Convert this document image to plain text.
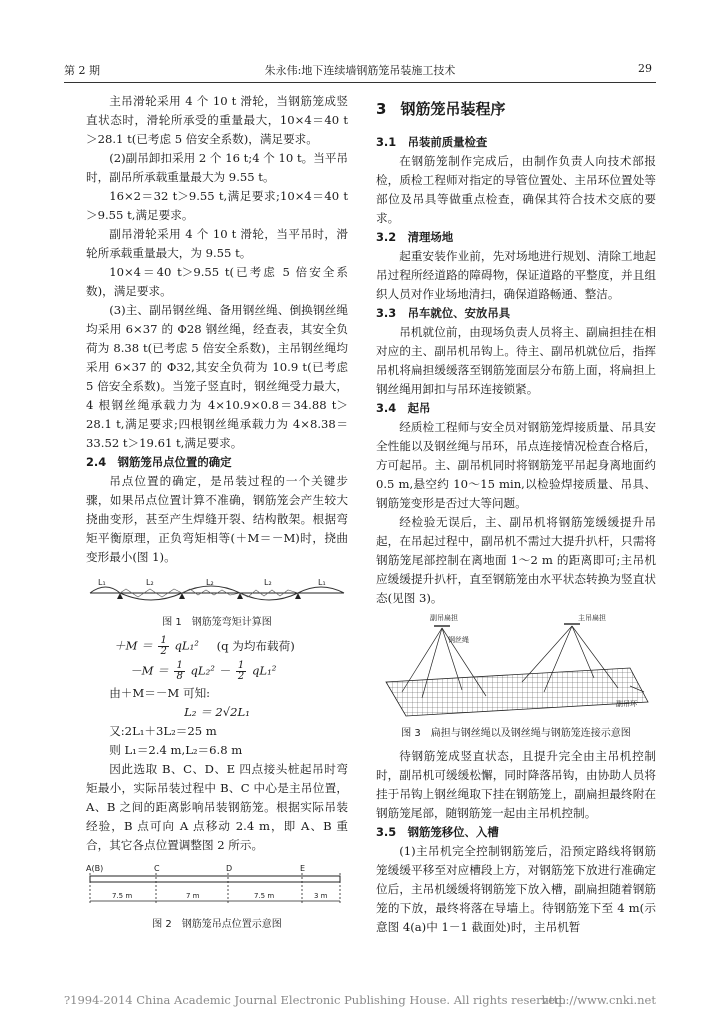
第 2 期	朱永伟:地下连续墙钢筋笼吊装施工技术	29

主吊滑轮采用 4 个 10 t 滑轮，当钢筋笼成竖直状态时，滑轮所承受的重量最大，10×4＝40 t＞28.1 t(已考虑 5 倍安全系数)，满足要求。

(2)副吊卸扣采用 2 个 16 t;4 个 10 t。当平吊时，副吊所承载重量最大为 9.55 t。

16×2＝32 t＞9.55 t,满足要求;10×4＝40 t＞9.55 t,满足要求。

副吊滑轮采用 4 个 10 t 滑轮，当平吊时，滑轮所承载重量最大，为 9.55 t。

10×4＝40 t＞9.55 t(已考虑 5 倍安全系数)，满足要求。

(3)主、副吊钢丝绳、备用钢丝绳、倒换钢丝绳均采用 6×37 的 Φ28 钢丝绳，经查表，其安全负荷为 8.38 t(已考虑 5 倍安全系数)，主吊钢丝绳均采用 6×37 的 Φ32,其安全负荷为 10.9 t(已考虑 5 倍安全系数)。当笼子竖直时，钢丝绳受力最大，4 根钢丝绳承载力为 4×10.9×0.8＝34.88 t＞28.1 t,满足要求;四根钢丝绳承载力为 4×8.38＝33.52 t＞19.61 t,满足要求。

2.4 钢筋笼吊点位置的确定

吊点位置的确定，是吊装过程的一个关键步骤，如果吊点位置计算不准确，钢筋笼会产生较大挠曲变形，甚至产生焊缝开裂、结构散架。根据弯矩平衡原理，正负弯矩相等(＋M＝－M)时，挠曲变形最小(图 1)。

L₁	L₂	L₂	L₂	L₁

图 1　钢筋笼弯矩计算图

$+M = \frac{1}{2} qL_1^2$ (q 为均布载荷)

$-M = \frac{1}{8} qL_2^2 - \frac{1}{2} qL_1^2$

由＋M＝－M 可知:

L₂ ＝ 2√2L₁

又:2L₁＋3L₂＝25 m

则 L₁＝2.4 m,L₂＝6.8 m

因此选取 B、C、D、E 四点接头桩起吊时弯矩最小，实际吊装过程中 B、C 中心是主吊位置，A、B 之间的距离影响吊装钢筋笼。根据实际吊装经验，B 点可向 A 点移动 2.4 m，即 A、B 重合，其它各点位置调整图 2 所示。

A(B)	C	D	E
7.5 m	7 m	7.5 m	3 m

图 2　钢筋笼吊点位置示意图

3 钢筋笼吊装程序

3.1 吊装前质量检查

在钢筋笼制作完成后，由制作负责人向技术部报检，质检工程师对指定的导管位置处、主吊环位置处等部位及吊具等做重点检查，确保其符合技术交底的要求。

3.2 清理场地

起重安装作业前，先对场地进行规划、清除工地起吊过程所经道路的障碍物，保证道路的平整度，并且组织人员对作业场地清扫，确保道路畅通、整洁。

3.3 吊车就位、安放吊具

吊机就位前，由现场负责人员将主、副扁担挂在相对应的主、副吊机吊钩上。待主、副吊机就位后，指挥吊机将扁担缓缓落至钢筋笼面层分布筋上面，将扁担上钢丝绳用卸扣与吊环连接锁紧。

3.4 起吊

经质检工程师与安全员对钢筋笼焊接质量、吊具安全性能以及钢丝绳与吊环，吊点连接情况检查合格后，方可起吊。主、副吊机同时将钢筋笼平吊起身离地面约 0.5 m,悬空约 10～15 min,以检验焊接质量、吊具、钢筋笼变形是否过大等问题。

经检验无误后，主、副吊机将钢筋笼缓缓提升吊起，在吊起过程中，副吊机不需过大提升扒杆，只需将钢筋笼尾部控制在离地面 1～2 m 的距离即可;主吊机应缓缓提升扒杆，直至钢筋笼由水平状态转换为竖直状态(见图 3)。

副吊扁担
钢丝绳
主吊扁担
副吊环

图 3　扁担与钢丝绳以及钢丝绳与钢筋笼连接示意图

待钢筋笼成竖直状态，且提升完全由主吊机控制时，副吊机可缓缓松懈，同时降落吊钩，由协助人员将挂于吊钩上钢丝绳取下挂在钢筋笼上，副扁担最终附在钢筋笼尾部，随钢筋笼一起由主吊机控制。

3.5 钢筋笼移位、入槽

(1)主吊机完全控制钢筋笼后，沿预定路线将钢筋笼缓缓平移至对应槽段上方，对钢筋笼下放进行准确定位后，主吊机缓缓将钢筋笼下放入槽，副扁担随着钢筋笼的下放，最终将落在导墙上。待钢筋笼下至 4 m(示意图 4(a)中 1－1 截面处)时，主吊机暂

?1994-2014 China Academic Journal Electronic Publishing House. All rights reserved.
http://www.cnki.net
